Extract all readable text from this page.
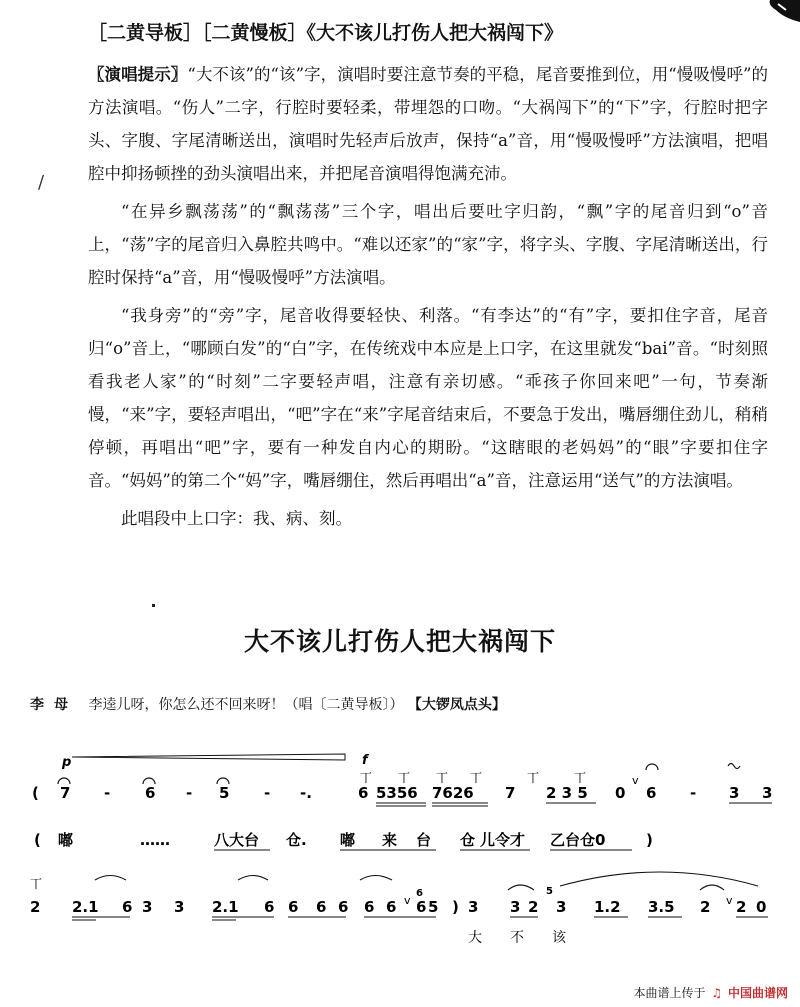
［二黄导板］［二黄慢板］《大不该儿打伤人把大祸闯下》

〖演唱提示〗“大不该”的“该”字，演唱时要注意节奏的平稳，尾音要推到位，用“慢吸慢呼”的方法演唱。“伤人”二字，行腔时要轻柔，带埋怨的口吻。“大祸闯下”的“下”字，行腔时把字头、字腹、字尾清晰送出，演唱时先轻声后放声，保持“a”音，用“慢吸慢呼”方法演唱，把唱腔中抑扬顿挫的劲头演唱出来，并把尾音演唱得饱满充沛。

“在异乡飘荡荡”的“飘荡荡”三个字，唱出后要吐字归韵，“飘”字的尾音归到“o”音上，“荡”字的尾音归入鼻腔共鸣中。“难以还家”的“家”字，将字头、字腹、字尾清晰送出，行腔时保持“a”音，用“慢吸慢呼”方法演唱。

“我身旁”的“旁”字，尾音收得要轻快、利落。“有李达”的“有”字，要扣住字音，尾音归“o”音上，“哪顾白发”的“白”字，在传统戏中本应是上口字，在这里就发“bai”音。“时刻照看我老人家”的“时刻”二字要轻声唱，注意有亲切感。“乖孩子你回来吧”一句，节奏渐慢，“来”字，要轻声唱出，“吧”字在“来”字尾音结束后，不要急于发出，嘴唇绷住劲儿，稍稍停顿，再唱出“吧”字，要有一种发自内心的期盼。“这瞎眼的老妈妈”的“眼”字要扣住字音。“妈妈”的第二个“妈”字，嘴唇绷住，然后再唱出“a”音，注意运用“送气”的方法演唱。

此唱段中上口字：我、病、刻。

/
大不该儿打伤人把大祸闯下
李母 李逵儿呀，你怎么还不回来呀！（唱〔二黄导板〕） 【大锣凤点头】
p	f
丅 丅 丅 丅	丅	丅
( 7 - 6 - 5 - -.	6 5356 7626 7 2 3 5 0 6 - 3 3
v
( 嘟	……	八大台 仓. 嘟 来 台 仓 儿令才 乙台仓0	)
丅
2 2.1 6 3 3 2.1 6 6 6 6 6 6 6 5 ) 3 3 2 3 1.2 3.5 2 2 0
6	5
v	v
大 不 该
本曲谱上传于 ♫ 中国曲谱网
